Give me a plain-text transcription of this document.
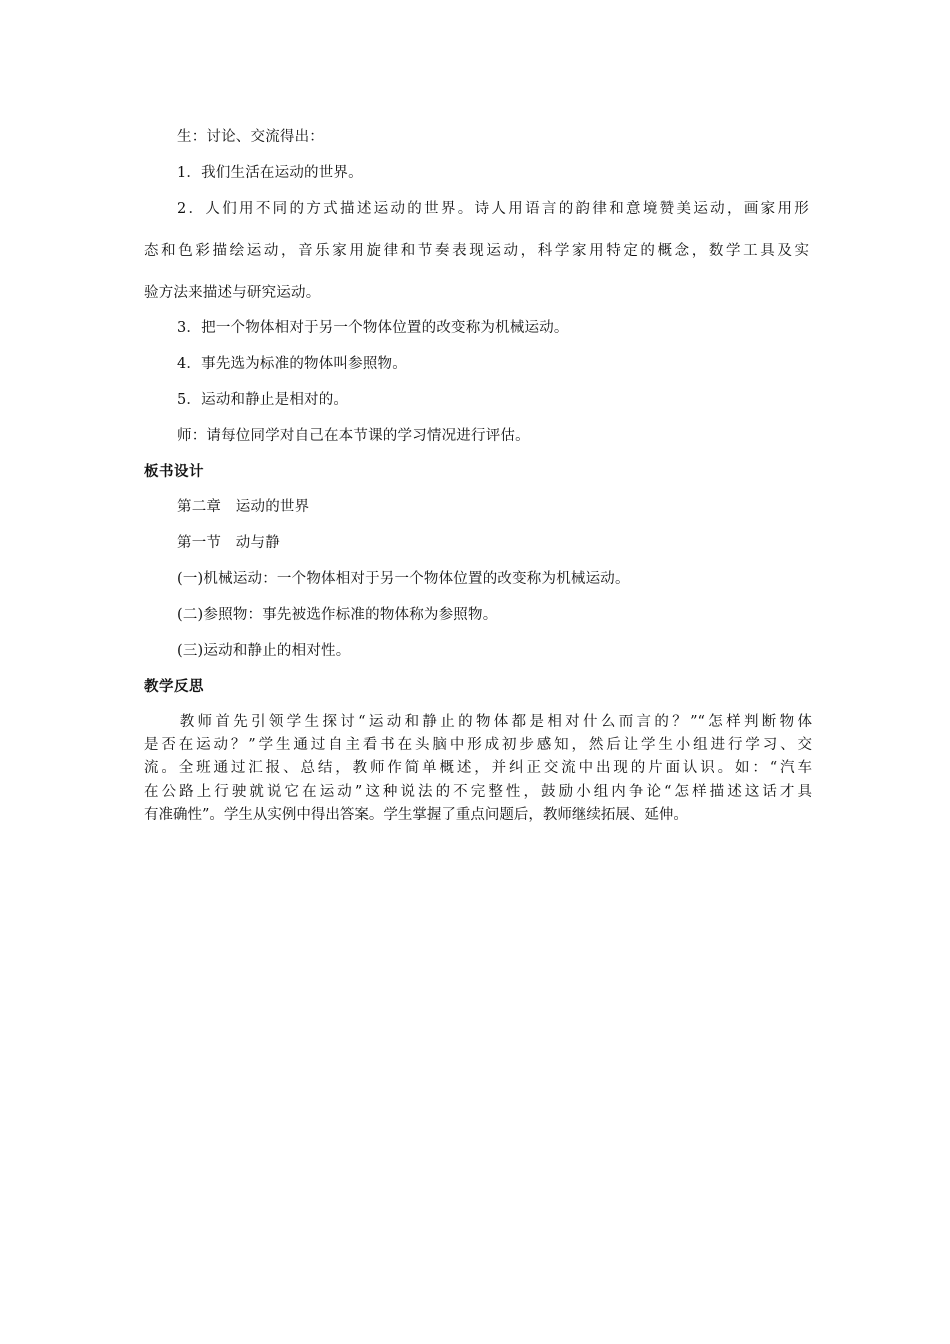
生：讨论、交流得出：
1．我们生活在运动的世界。
2．人们用不同的方式描述运动的世界。诗人用语言的韵律和意境赞美运动，画家用形
态和色彩描绘运动，音乐家用旋律和节奏表现运动，科学家用特定的概念，数学工具及实
验方法来描述与研究运动。
3．把一个物体相对于另一个物体位置的改变称为机械运动。
4．事先选为标准的物体叫参照物。
5．运动和静止是相对的。
师：请每位同学对自己在本节课的学习情况进行评估。
板书设计
第二章　运动的世界
第一节　动与静
(一)机械运动：一个物体相对于另一个物体位置的改变称为机械运动。
(二)参照物：事先被选作标准的物体称为参照物。
(三)运动和静止的相对性。
教学反思
　　教师首先引领学生探讨“运动和静止的物体都是相对什么而言的？”“怎样判断物体
是否在运动？”学生通过自主看书在头脑中形成初步感知，然后让学生小组进行学习、交
流。全班通过汇报、总结，教师作简单概述，并纠正交流中出现的片面认识。如：“汽车
在公路上行驶就说它在运动”这种说法的不完整性，鼓励小组内争论“怎样描述这话才具
有准确性”。学生从实例中得出答案。学生掌握了重点问题后，教师继续拓展、延伸。
